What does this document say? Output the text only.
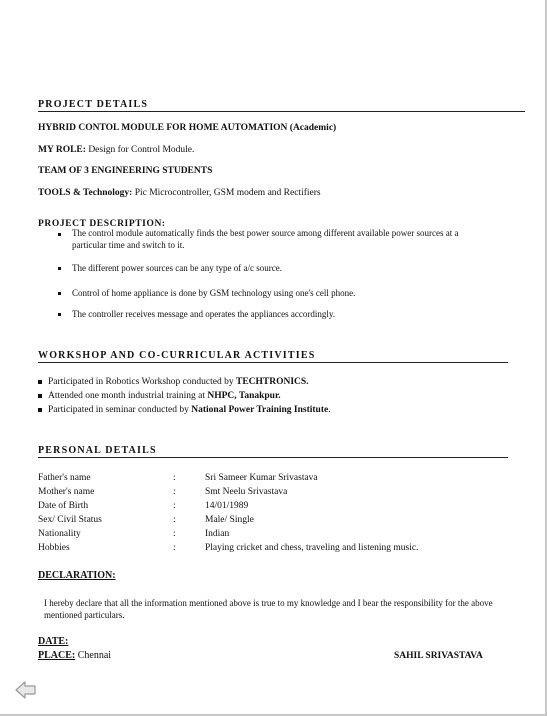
PROJECT DETAILS
HYBRID CONTOL MODULE FOR HOME AUTOMATION (Academic)
MY ROLE: Design for Control Module.
TEAM OF 3 ENGINEERING STUDENTS
TOOLS & Technology: Pic Microcontroller, GSM modem and Rectifiers
PROJECT DESCRIPTION:
The control module automatically finds the best power source among different available power sources at a particular time and switch to it.
The different power sources can be any type of a/c source.
Control of home appliance is done by GSM technology using one's cell phone.
The controller receives message and operates the appliances accordingly.
WORKSHOP AND CO-CURRICULAR ACTIVITIES
Participated in Robotics Workshop conducted by TECHTRONICS.
Attended one month industrial training at NHPC, Tanakpur.
Participated in seminar conducted by National Power Training Institute.
PERSONAL DETAILS
Father's name	:	Sri Sameer Kumar Srivastava
Mother's name	:	Smt Neelu Srivastava
Date of Birth	:	14/01/1989
Sex/ Civil Status	:	Male/ Single
Nationality	:	Indian
Hobbies	:	Playing cricket and chess, traveling and listening music.
DECLARATION:
I hereby declare that all the information mentioned above is true to my knowledge and I bear the responsibility for the above mentioned particulars.
DATE:
PLACE: Chennai	SAHIL SRIVASTAVA
